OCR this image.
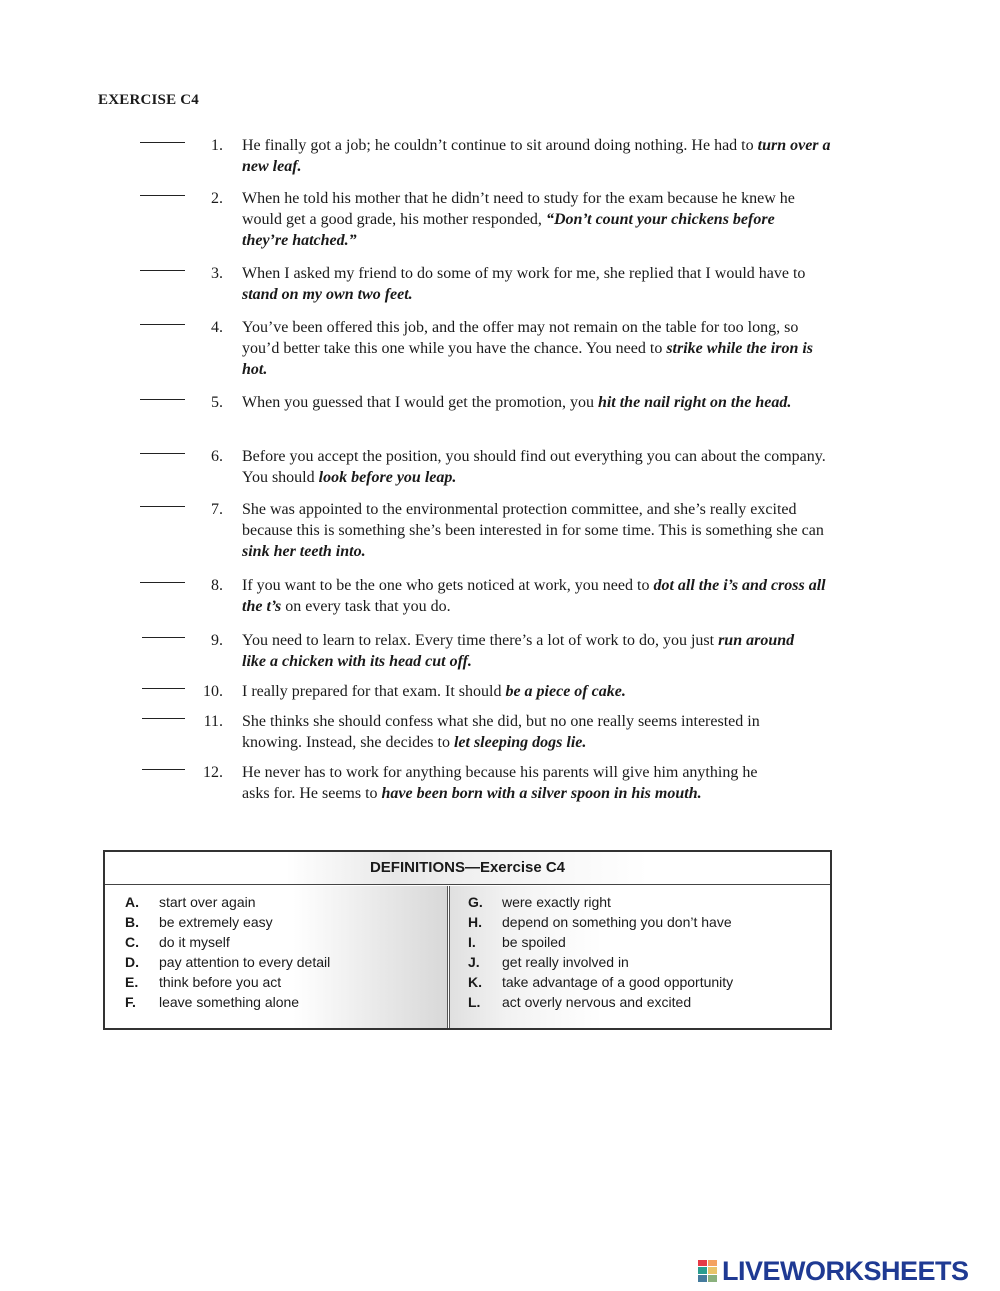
EXERCISE C4
1. He finally got a job; he couldn’t continue to sit around doing nothing. He had to turn over a new leaf.
2. When he told his mother that he didn’t need to study for the exam because he knew he would get a good grade, his mother responded, “Don’t count your chickens before they’re hatched.”
3. When I asked my friend to do some of my work for me, she replied that I would have to stand on my own two feet.
4. You’ve been offered this job, and the offer may not remain on the table for too long, so you’d better take this one while you have the chance. You need to strike while the iron is hot.
5. When you guessed that I would get the promotion, you hit the nail right on the head.
6. Before you accept the position, you should find out everything you can about the company. You should look before you leap.
7. She was appointed to the environmental protection committee, and she’s really excited because this is something she’s been interested in for some time. This is something she can sink her teeth into.
8. If you want to be the one who gets noticed at work, you need to dot all the i’s and cross all the t’s on every task that you do.
9. You need to learn to relax. Every time there’s a lot of work to do, you just run around like a chicken with its head cut off.
10. I really prepared for that exam. It should be a piece of cake.
11. She thinks she should confess what she did, but no one really seems interested in knowing. Instead, she decides to let sleeping dogs lie.
12. He never has to work for anything because his parents will give him anything he asks for. He seems to have been born with a silver spoon in his mouth.
DEFINITIONS—Exercise C4
A. start over again
B. be extremely easy
C. do it myself
D. pay attention to every detail
E. think before you act
F. leave something alone
G. were exactly right
H. depend on something you don’t have
I. be spoiled
J. get really involved in
K. take advantage of a good opportunity
L. act overly nervous and excited
LIVEWORKSHEETS
